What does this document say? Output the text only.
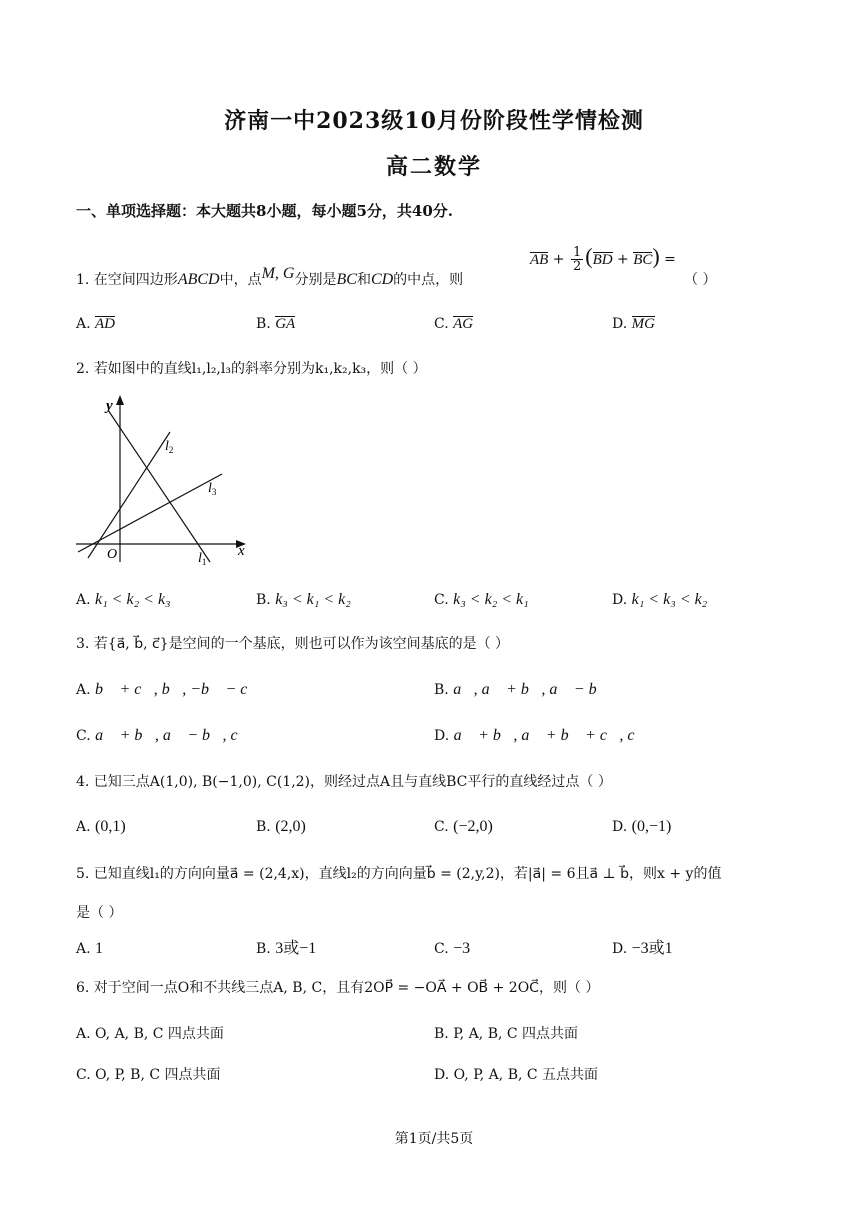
济南一中2023级10月份阶段性学情检测
高二数学
一、单项选择题：本大题共8小题，每小题5分，共40分.
1. 在空间四边形ABCD中，点M, G分别是BC和CD的中点，则
AB + $\frac{1}{2} (BD + BC)$ =
（ ）
A. AD	B. GA	C. AG	D. MG
2. 若如图中的直线l₁,l₂,l₃的斜率分别为k₁,k₂,k₃，则（ ）
y
x
O	$l_1$
$l_2$
$l_3$
A. k₁ < k₂ < k₃	B. k₃ < k₁ < k₂	C. k₃ < k₂ < k₁	D. k₁ < k₃ < k₂
3. 若{a⃗, b⃗, c⃗}是空间的一个基底，则也可以作为该空间基底的是（ ）
A. b⃗ + c⃗, b⃗, −b⃗ − c⃗	B. a⃗, a⃗ + b⃗, a⃗ − b⃗
C. a⃗ + b⃗, a⃗ − b⃗, c⃗	D. a⃗ + b⃗, a⃗ + b⃗ + c⃗, c⃗
4. 已知三点A(1,0), B(−1,0), C(1,2)，则经过点A且与直线BC平行的直线经过点（ ）
A. (0,1)	B. (2,0)	C. (−2,0)	D. (0,−1)
5. 已知直线l₁的方向向量a⃗ = (2,4,x)，直线l₂的方向向量b⃗ = (2,y,2)，若|a⃗| = 6且a⃗ ⊥ b⃗，则x + y的值
是（ ）
A. 1	B. 3或−1	C. −3	D. −3或1
6. 对于空间一点O和不共线三点A, B, C，且有2OP⃗ = −OA⃗ + OB⃗ + 2OC⃗，则（ ）
A. O, A, B, C 四点共面	B. P, A, B, C 四点共面
C. O, P, B, C 四点共面	D. O, P, A, B, C 五点共面
第1页/共5页
